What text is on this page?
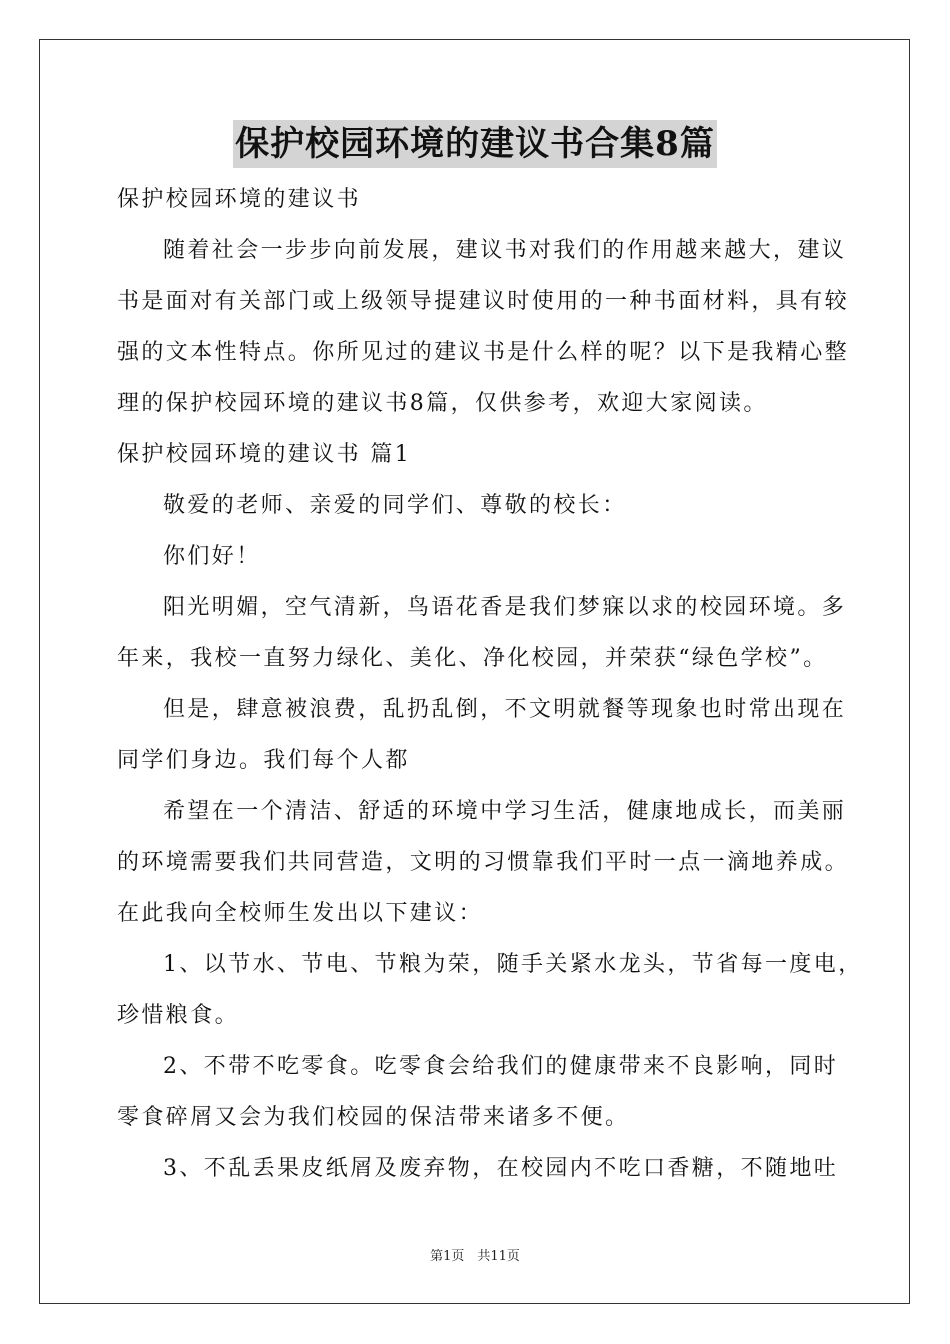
保护校园环境的建议书合集8篇
保护校园环境的建议书
随着社会一步步向前发展，建议书对我们的作用越来越大，建议
书是面对有关部门或上级领导提建议时使用的一种书面材料，具有较
强的文本性特点。你所见过的建议书是什么样的呢？以下是我精心整
理的保护校园环境的建议书8篇，仅供参考，欢迎大家阅读。
保护校园环境的建议书 篇1
敬爱的老师、亲爱的同学们、尊敬的校长：
你们好！
阳光明媚，空气清新，鸟语花香是我们梦寐以求的校园环境。多
年来，我校一直努力绿化、美化、净化校园，并荣获“绿色学校”。
但是，肆意被浪费，乱扔乱倒，不文明就餐等现象也时常出现在
同学们身边。我们每个人都
希望在一个清洁、舒适的环境中学习生活，健康地成长，而美丽
的环境需要我们共同营造，文明的习惯靠我们平时一点一滴地养成。
在此我向全校师生发出以下建议：
1、以节水、节电、节粮为荣，随手关紧水龙头，节省每一度电，
珍惜粮食。
2、不带不吃零食。吃零食会给我们的健康带来不良影响，同时
零食碎屑又会为我们校园的保洁带来诸多不便。
3、不乱丢果皮纸屑及废弃物，在校园内不吃口香糖，不随地吐
第1页　共11页
